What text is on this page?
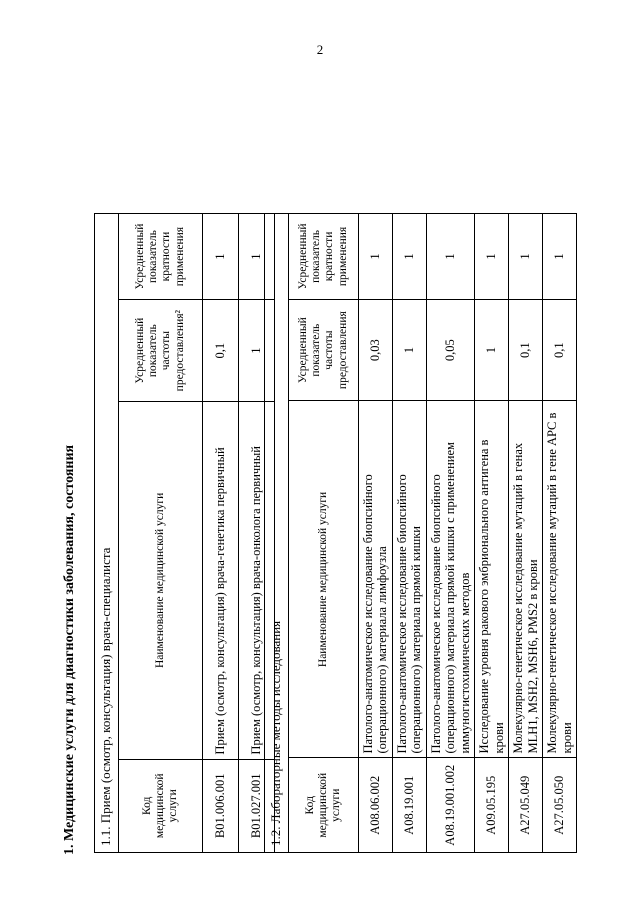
2
1. Медицинские услуги для диагностики заболевания, состояния 1.1. Прием (осмотр, консультация) врача-специалиста			
Код медицинской услуги	Наименование медицинской услуги	Усредненный показатель частоты предоставления²	Усредненный показатель кратности применения
B01.006.001	Прием (осмотр, консультация) врача-генетика первичный	0,1	1
B01.027.001	Прием (осмотр, консультация) врача-онколога первичный	1	1
1.2. Лабораторные методы исследования			
Код медицинской услуги	Наименование медицинской услуги	Усредненный показатель частоты предоставления	Усредненный показатель кратности применения
A08.06.002	Патолого-анатомическое исследование биопсийного (операционного) материала лимфоузла	0,03	1
A08.19.001	Патолого-анатомическое исследование биопсийного (операционного) материала прямой кишки	1	1
A08.19.001.002	Патолого-анатомическое исследование биопсийного (операционного) материала прямой кишки с применением иммуногистохимических методов	0,05	1
A09.05.195	Исследование уровня ракового эмбрионального антигена в крови	1	1
A27.05.049	Молекулярно-генетическое исследование мутаций в генах MLH1, MSH2, MSH6, PMS2 в крови	0,1	1
A27.05.050	Молекулярно-генетическое исследование мутаций в гене APC в крови	0,1	1
